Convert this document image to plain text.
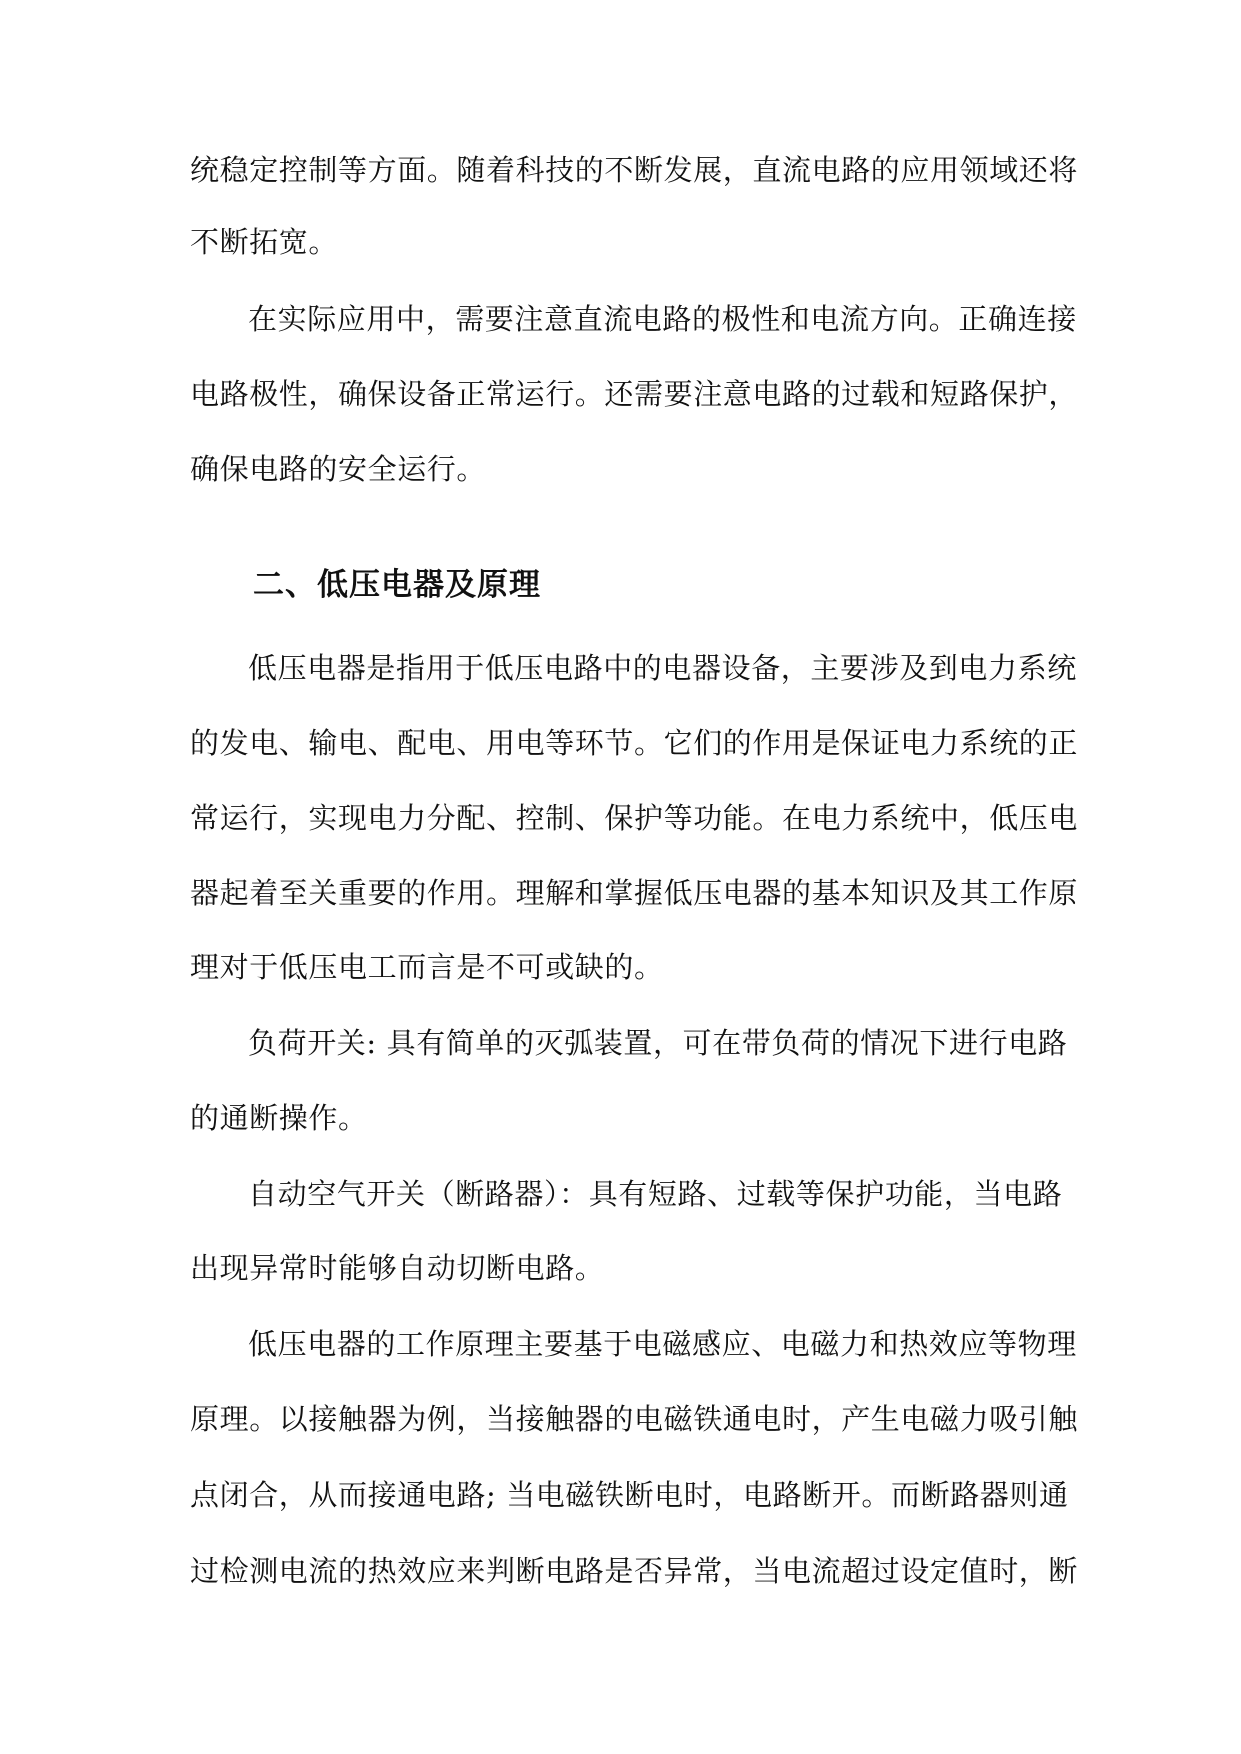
统稳定控制等方面。随着科技的不断发展，直流电路的应用领域还将
不断拓宽。
在实际应用中，需要注意直流电路的极性和电流方向。正确连接
电路极性，确保设备正常运行。还需要注意电路的过载和短路保护，
确保电路的安全运行。
二、低压电器及原理
低压电器是指用于低压电路中的电器设备，主要涉及到电力系统
的发电、输电、配电、用电等环节。它们的作用是保证电力系统的正
常运行，实现电力分配、控制、保护等功能。在电力系统中，低压电
器起着至关重要的作用。理解和掌握低压电器的基本知识及其工作原
理对于低压电工而言是不可或缺的。
负荷开关: 具有简单的灭弧装置，可在带负荷的情况下进行电路
的通断操作。
自动空气开关（断路器）：具有短路、过载等保护功能，当电路
出现异常时能够自动切断电路。
低压电器的工作原理主要基于电磁感应、电磁力和热效应等物理
原理。以接触器为例，当接触器的电磁铁通电时，产生电磁力吸引触
点闭合，从而接通电路; 当电磁铁断电时，电路断开。而断路器则通
过检测电流的热效应来判断电路是否异常，当电流超过设定值时，断
